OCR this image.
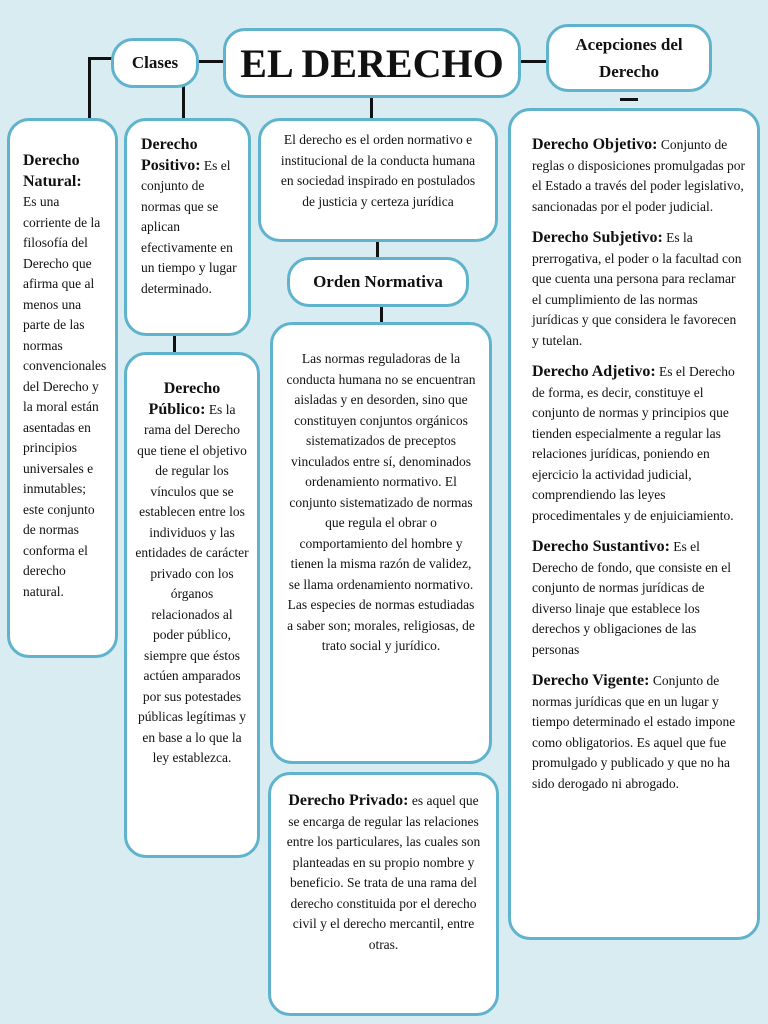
EL DERECHO
Clases
Acepciones del Derecho
Derecho Natural:
Es una corriente de la filosofía del Derecho que afirma que al menos una parte de las normas convencionales del Derecho y la moral están asentadas en principios universales e inmutables; este conjunto de normas conforma el derecho natural.
Derecho Positivo: Es el conjunto de normas que se aplican efectivamente en un tiempo y lugar determinado.
Derecho Público: Es la rama del Derecho que tiene el objetivo de regular los vínculos que se establecen entre los individuos y las entidades de carácter privado con los órganos relacionados al poder público, siempre que éstos actúen amparados por sus potestades públicas legítimas y en base a lo que la ley establezca.
El derecho es el orden normativo e institucional de la conducta humana en sociedad inspirado en postulados de justicia y certeza jurídica
Orden Normativa
Las normas reguladoras de la conducta humana no se encuentran aisladas y en desorden, sino que constituyen conjuntos orgánicos sistematizados de preceptos vinculados entre sí, denominados ordenamiento normativo. El conjunto sistematizado de normas que regula el obrar o comportamiento del hombre y tienen la misma razón de validez, se llama ordenamiento normativo. Las especies de normas estudiadas a saber son; morales, religiosas, de trato social y jurídico.
Derecho Privado: es aquel que se encarga de regular las relaciones entre los particulares, las cuales son planteadas en su propio nombre y beneficio. Se trata de una rama del derecho constituida por el derecho civil y el derecho mercantil, entre otras.

Derecho Objetivo: Conjunto de reglas o disposiciones promulgadas por el Estado a través del poder legislativo, sancionadas por el poder judicial.

Derecho Subjetivo: Es la prerrogativa, el poder o la facultad con que cuenta una persona para reclamar el cumplimiento de las normas jurídicas y que considera le favorecen y tutelan.

Derecho Adjetivo: Es el Derecho de forma, es decir, constituye el conjunto de normas y principios que tienden especialmente a regular las relaciones jurídicas, poniendo en ejercicio la actividad judicial, comprendiendo las leyes procedimentales y de enjuiciamiento.

Derecho Sustantivo: Es el Derecho de fondo, que consiste en el conjunto de normas jurídicas de diverso linaje que establece los derechos y obligaciones de las personas

Derecho Vigente: Conjunto de normas jurídicas que en un lugar y tiempo determinado el estado impone como obligatorios. Es aquel que fue promulgado y publicado y que no ha sido derogado ni abrogado.
